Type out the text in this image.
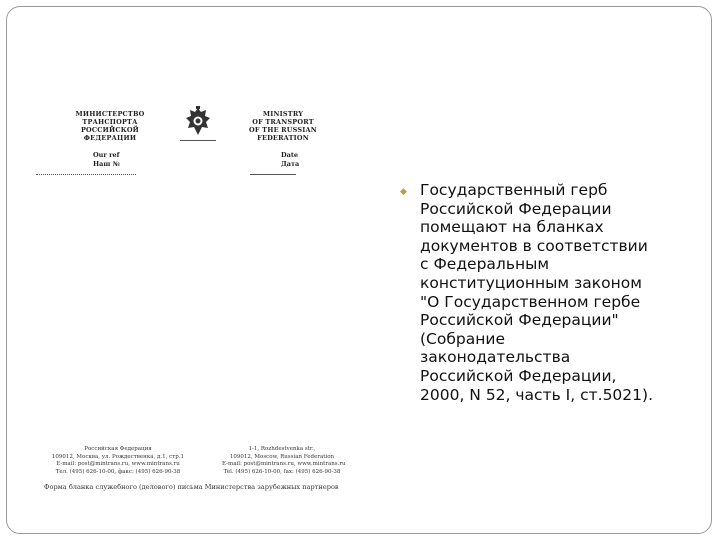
МИНИСТЕРСТВО
ТРАНСПОРТА
РОССИЙСКОЙ ФЕДЕРАЦИИ
MINISTRY
OF TRANSPORT
OF THE RUSSIAN FEDERATION
Our ref
Наш №
Date
Дата
Российская Федерация
109012, Москва, ул. Рождественка, д.1, стр.1
E-mail: post@mintrans.ru, www.mintrans.ru
Тел. (495) 626-10-00, факс: (495) 626-90-38
1-1, Rozhdestvenka str.,
109012, Moscow, Russian Federation
E-mail: post@mintrans.ru, www.mintrans.ru
Tel. (495) 626-10-00, fax: (495) 626-90-38
Форма бланка служебного (делового) письма Министерства зарубежных партнеров
◆ Государственный герб
Российской Федерации
помещают на бланках
документов в соответствии
с Федеральным
конституционным законом
"О Государственном гербе
Российской Федерации"
(Собрание
законодательства
Российской Федерации,
2000, N 52, часть I, ст.5021).
